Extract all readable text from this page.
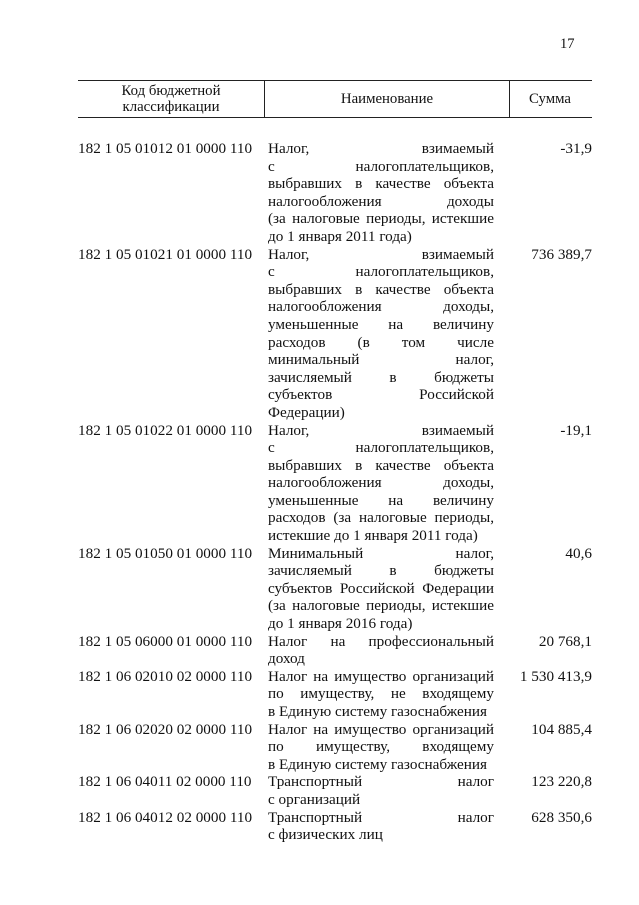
17
Код бюджетной
классификации	Наименование	Сумма
182 1 05 01012 01 0000 110	Налог, взимаемый
с налогоплательщиков,
выбравших в качестве объекта
налогообложения доходы
(за налоговые периоды, истекшие
до 1 января 2011 года)
-31,9
182 1 05 01021 01 0000 110	Налог, взимаемый
с налогоплательщиков,
выбравших в качестве объекта
налогообложения доходы,
уменьшенные на величину
расходов (в том числе
минимальный налог,
зачисляемый в бюджеты
субъектов Российской
Федерации)
736 389,7
182 1 05 01022 01 0000 110	Налог, взимаемый
с налогоплательщиков,
выбравших в качестве объекта
налогообложения доходы,
уменьшенные на величину
расходов (за налоговые периоды,
истекшие до 1 января 2011 года)
-19,1
182 1 05 01050 01 0000 110	Минимальный налог,
зачисляемый в бюджеты
субъектов Российской Федерации
(за налоговые периоды, истекшие
до 1 января 2016 года)
40,6
182 1 05 06000 01 0000 110	Налог на профессиональный
доход
20 768,1
182 1 06 02010 02 0000 110	Налог на имущество организаций
по имуществу, не входящему
в Единую систему газоснабжения
1 530 413,9
182 1 06 02020 02 0000 110	Налог на имущество организаций
по имуществу, входящему
в Единую систему газоснабжения
104 885,4
182 1 06 04011 02 0000 110	Транспортный налог
с организаций
123 220,8
182 1 06 04012 02 0000 110	Транспортный налог
с физических лиц
628 350,6
